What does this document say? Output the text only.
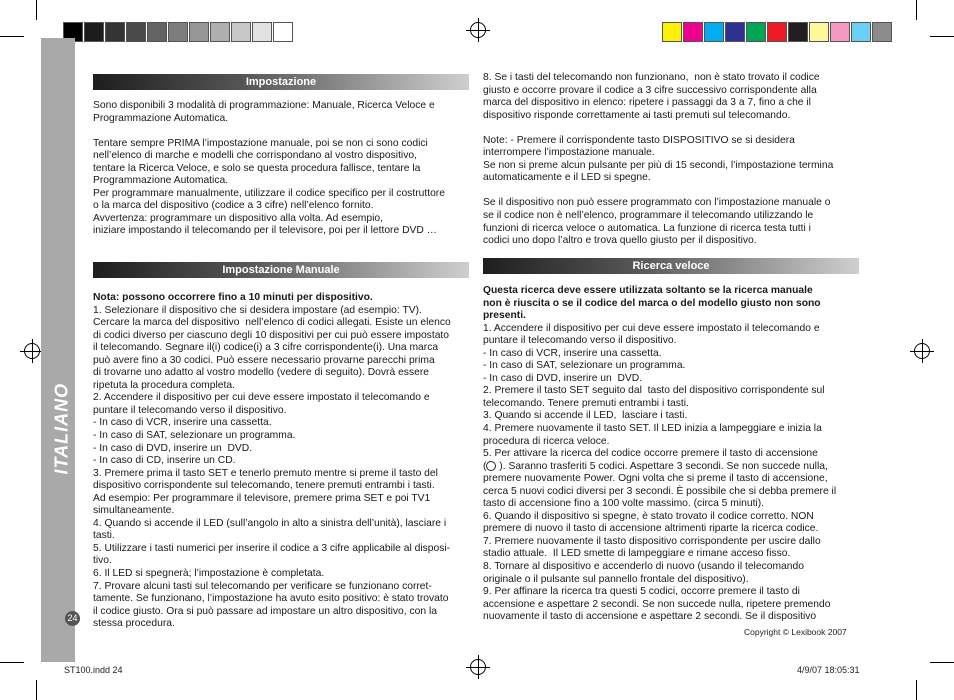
ITALIANO
24
Impostazione
Sono disponibili 3 modalità di programmazione: Manuale, Ricerca Veloce e
Programmazione Automatica.
Tentare sempre PRIMA l’impostazione manuale, poi se non ci sono codici
nell’elenco di marche e modelli che corrispondano al vostro dispositivo,
tentare la Ricerca Veloce, e solo se questa procedura fallisce, tentare la
Programmazione Automatica.
Per programmare manualmente, utilizzare il codice specifico per il costruttore
o la marca del dispositivo (codice a 3 cifre) nell’elenco fornito.
Avvertenza: programmare un dispositivo alla volta. Ad esempio,
iniziare impostando il telecomando per il televisore, poi per il lettore DVD …
Impostazione Manuale
Nota: possono occorrere fino a 10 minuti per dispositivo.
1. Selezionare il dispositivo che si desidera impostare (ad esempio: TV).
Cercare la marca del dispositivo  nell’elenco di codici allegati. Esiste un elenco
di codici diverso per ciascuno degli 10 dispositivi per cui può essere impostato
il telecomando. Segnare il(i) codice(i) a 3 cifre corrispondente(i). Una marca
può avere fino a 30 codici. Può essere necessario provarne parecchi prima
di trovarne uno adatto al vostro modello (vedere di seguito). Dovrà essere
ripetuta la procedura completa.
2. Accendere il dispositivo per cui deve essere impostato il telecomando e
puntare il telecomando verso il dispositivo.
- In caso di VCR, inserire una cassetta.
- In caso di SAT, selezionare un programma.
- In caso di DVD, inserire un  DVD.
- In caso di CD, inserire un CD.
3. Premere prima il tasto SET e tenerlo premuto mentre si preme il tasto del
dispositivo corrispondente sul telecomando, tenere premuti entrambi i tasti.
Ad esempio: Per programmare il televisore, premere prima SET e poi TV1
simultaneamente.
4. Quando si accende il LED (sull’angolo in alto a sinistra dell’unità), lasciare i
tasti.
5. Utilizzare i tasti numerici per inserire il codice a 3 cifre applicabile al disposi-
tivo.
6. Il LED si spegnerà; l’impostazione è completata.
7. Provare alcuni tasti sul telecomando per verificare se funzionano corret-
tamente. Se funzionano, l’impostazione ha avuto esito positivo: è stato trovato
il codice giusto. Ora si può passare ad impostare un altro dispositivo, con la
stessa procedura.
8. Se i tasti del telecomando non funzionano,  non è stato trovato il codice
giusto e occorre provare il codice a 3 cifre successivo corrispondente alla
marca del dispositivo in elenco: ripetere i passaggi da 3 a 7, fino a che il
dispositivo risponde correttamente ai tasti premuti sul telecomando.
Note: - Premere il corrispondente tasto DISPOSITIVO se si desidera
interrompere l’impostazione manuale.
Se non si preme alcun pulsante per più di 15 secondi, l’impostazione termina
automaticamente e il LED si spegne.
Se il dispositivo non può essere programmato con l’impostazione manuale o
se il codice non è nell’elenco, programmare il telecomando utilizzando le
funzioni di ricerca veloce o automatica. La funzione di ricerca testa tutti i
codici uno dopo l’altro e trova quello giusto per il dispositivo.
Ricerca veloce
Questa ricerca deve essere utilizzata soltanto se la ricerca manuale
non è riuscita o se il codice del marca o del modello giusto non sono
presenti.
1. Accendere il dispositivo per cui deve essere impostato il telecomando e
puntare il telecomando verso il dispositivo.
- In caso di VCR, inserire una cassetta.
- In caso di SAT, selezionare un programma.
- In caso di DVD, inserire un  DVD.
2. Premere il tasto SET seguito dal  tasto del dispositivo corrispondente sul
telecomando. Tenere premuti entrambi i tasti.
3. Quando si accende il LED,  lasciare i tasti.
4. Premere nuovamente il tasto SET. Il LED inizia a lampeggiare e inizia la
procedura di ricerca veloce.
5. Per attivare la ricerca del codice occorre premere il tasto di accensione
( ). Saranno trasferiti 5 codici. Aspettare 3 secondi. Se non succede nulla,
premere nuovamente Power. Ogni volta che si preme il tasto di accensione,
cerca 5 nuovi codici diversi per 3 secondi. È possibile che si debba premere il
tasto di accensione fino a 100 volte massimo. (circa 5 minuti).
6. Quando il dispositivo si spegne, è stato trovato il codice corretto. NON
premere di nuovo il tasto di accensione altrimenti riparte la ricerca codice.
7. Premere nuovamente il tasto dispositivo corrispondente per uscire dallo
stadio attuale.  Il LED smette di lampeggiare e rimane acceso fisso.
8. Tornare al dispositivo e accenderlo di nuovo (usando il telecomando
originale o il pulsante sul pannello frontale del dispositivo).
9. Per affinare la ricerca tra questi 5 codici, occorre premere il tasto di
accensione e aspettare 2 secondi. Se non succede nulla, ripetere premendo
nuovamente il tasto di accensione e aspettare 2 secondi. Se il dispositivo
Copyright © Lexibook 2007
ST100.indd 24	4/9/07 18:05:31
